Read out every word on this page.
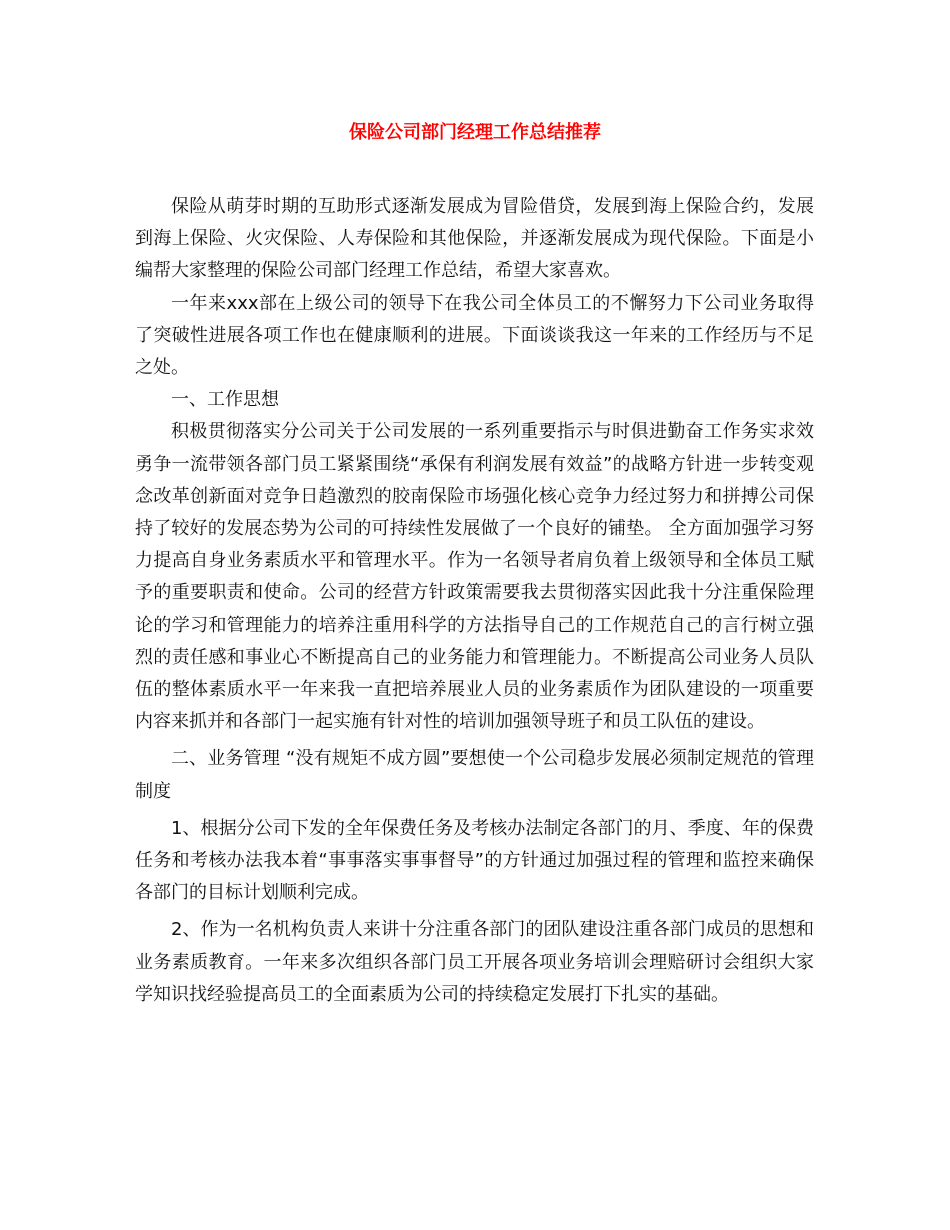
保险公司部门经理工作总结推荐

保险从萌芽时期的互助形式逐渐发展成为冒险借贷，发展到海上保险合约，发展到海上保险、火灾保险、人寿保险和其他保险，并逐渐发展成为现代保险。下面是小编帮大家整理的保险公司部门经理工作总结，希望大家喜欢。

一年来xxx部在上级公司的领导下在我公司全体员工的不懈努力下公司业务取得了突破性进展各项工作也在健康顺利的进展。下面谈谈我这一年来的工作经历与不足之处。

一、工作思想

积极贯彻落实分公司关于公司发展的一系列重要指示与时俱进勤奋工作务实求效勇争一流带领各部门员工紧紧围绕“承保有利润发展有效益”的战略方针进一步转变观念改革创新面对竞争日趋激烈的胶南保险市场强化核心竞争力经过努力和拼搏公司保持了较好的发展态势为公司的可持续性发展做了一个良好的铺垫。 全方面加强学习努力提高自身业务素质水平和管理水平。作为一名领导者肩负着上级领导和全体员工赋予的重要职责和使命。公司的经营方针政策需要我去贯彻落实因此我十分注重保险理论的学习和管理能力的培养注重用科学的方法指导自己的工作规范自己的言行树立强烈的责任感和事业心不断提高自己的业务能力和管理能力。不断提高公司业务人员队伍的整体素质水平一年来我一直把培养展业人员的业务素质作为团队建设的一项重要内容来抓并和各部门一起实施有针对性的培训加强领导班子和员工队伍的建设。

二、业务管理 “没有规矩不成方圆”要想使一个公司稳步发展必须制定规范的管理制度

1、根据分公司下发的全年保费任务及考核办法制定各部门的月、季度、年的保费任务和考核办法我本着“事事落实事事督导”的方针通过加强过程的管理和监控来确保各部门的目标计划顺利完成。

2、作为一名机构负责人来讲十分注重各部门的团队建设注重各部门成员的思想和业务素质教育。一年来多次组织各部门员工开展各项业务培训会理赔研讨会组织大家学知识找经验提高员工的全面素质为公司的持续稳定发展打下扎实的基础。
